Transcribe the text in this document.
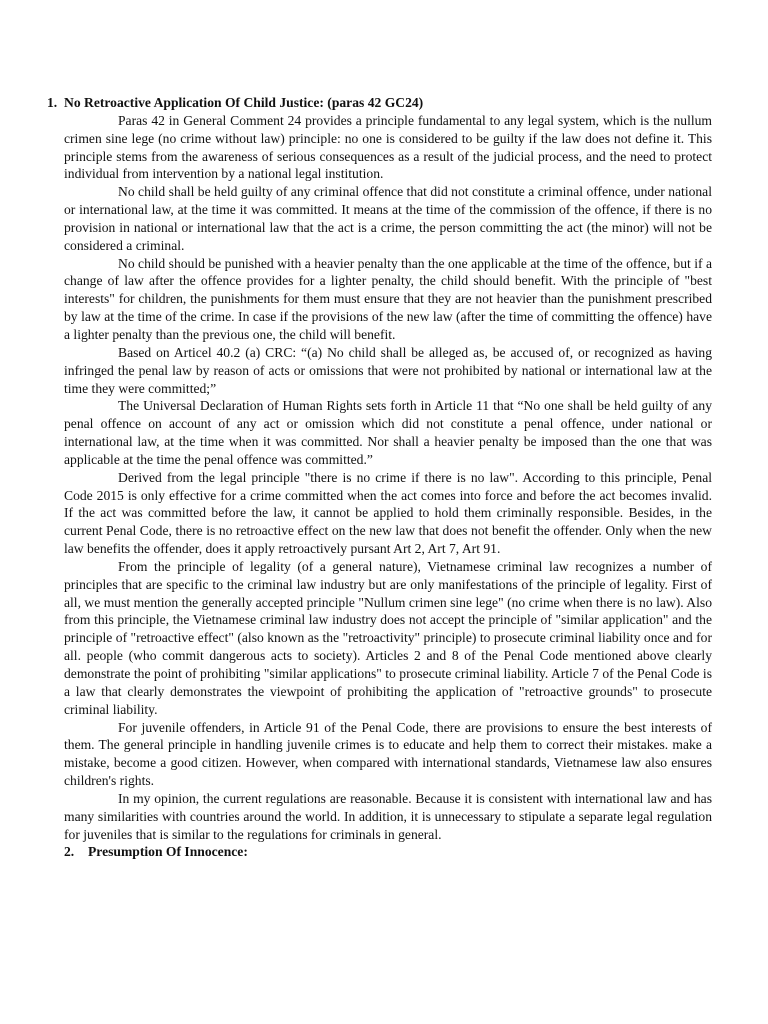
1. No Retroactive Application Of Child Justice: (paras 42 GC24)

Paras 42 in General Comment 24 provides a principle fundamental to any legal system, which is the nullum crimen sine lege (no crime without law) principle: no one is considered to be guilty if the law does not define it. This principle stems from the awareness of serious consequences as a result of the judicial process, and the need to protect individual from intervention by a national legal institution.

No child shall be held guilty of any criminal offence that did not constitute a criminal offence, under national or international law, at the time it was committed. It means at the time of the commission of the offence, if there is no provision in national or international law that the act is a crime, the person committing the act (the minor) will not be considered a criminal.

No child should be punished with a heavier penalty than the one applicable at the time of the offence, but if a change of law after the offence provides for a lighter penalty, the child should benefit. With the principle of "best interests" for children, the punishments for them must ensure that they are not heavier than the punishment prescribed by law at the time of the crime. In case if the provisions of the new law (after the time of committing the offence) have a lighter penalty than the previous one, the child will benefit.

Based on Articel 40.2 (a) CRC: “(a) No child shall be alleged as, be accused of, or recognized as having infringed the penal law by reason of acts or omissions that were not prohibited by national or international law at the time they were committed;”

The Universal Declaration of Human Rights sets forth in Article 11 that “No one shall be held guilty of any penal offence on account of any act or omission which did not constitute a penal offence, under national or international law, at the time when it was committed. Nor shall a heavier penalty be imposed than the one that was applicable at the time the penal offence was committed.”

Derived from the legal principle "there is no crime if there is no law". According to this principle, Penal Code 2015 is only effective for a crime committed when the act comes into force and before the act becomes invalid. If the act was committed before the law, it cannot be applied to hold them criminally responsible. Besides, in the current Penal Code, there is no retroactive effect on the new law that does not benefit the offender. Only when the new law benefits the offender, does it apply retroactively pursant Art 2, Art 7, Art 91.

From the principle of legality (of a general nature), Vietnamese criminal law recognizes a number of principles that are specific to the criminal law industry but are only manifestations of the principle of legality. First of all, we must mention the generally accepted principle "Nullum crimen sine lege" (no crime when there is no law). Also from this principle, the Vietnamese criminal law industry does not accept the principle of "similar application" and the principle of "retroactive effect" (also known as the "retroactivity" principle) to prosecute criminal liability once and for all. people (who commit dangerous acts to society). Articles 2 and 8 of the Penal Code mentioned above clearly demonstrate the point of prohibiting "similar applications" to prosecute criminal liability. Article 7 of the Penal Code is a law that clearly demonstrates the viewpoint of prohibiting the application of "retroactive grounds" to prosecute criminal liability.

For juvenile offenders, in Article 91 of the Penal Code, there are provisions to ensure the best interests of them. The general principle in handling juvenile crimes is to educate and help them to correct their mistakes. make a mistake, become a good citizen. However, when compared with international standards, Vietnamese law also ensures children's rights.

In my opinion, the current regulations are reasonable. Because it is consistent with international law and has many similarities with countries around the world. In addition, it is unnecessary to stipulate a separate legal regulation for juveniles that is similar to the regulations for criminals in general.

2.	Presumption Of Innocence:
